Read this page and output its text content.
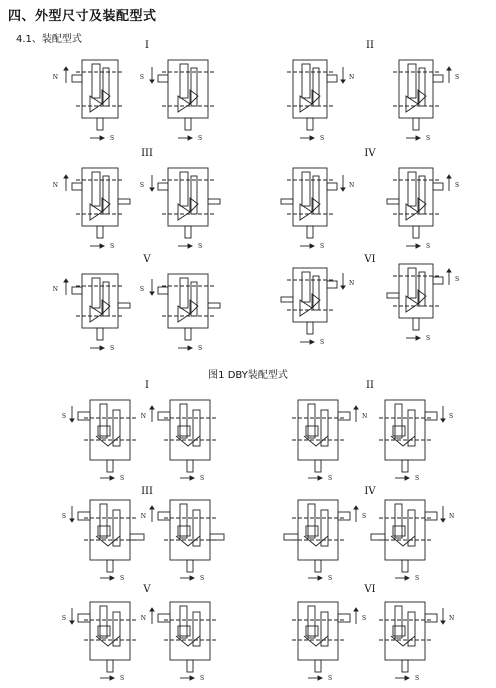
四、外型尺寸及装配型式
4.1、装配型式
图1 DBY装配型式
I	II
III	IV
V	VI
I	II
III	IV
V	VI
S
N
S
S
S
N
S
S
S
N
S
S
S
N
S
S
S
N
S
S
S
N
S
S
S
S
S
N
S
N
S
S
S
S
S
N
S
S
S
N
S
S
S
N
S
S
S
N
